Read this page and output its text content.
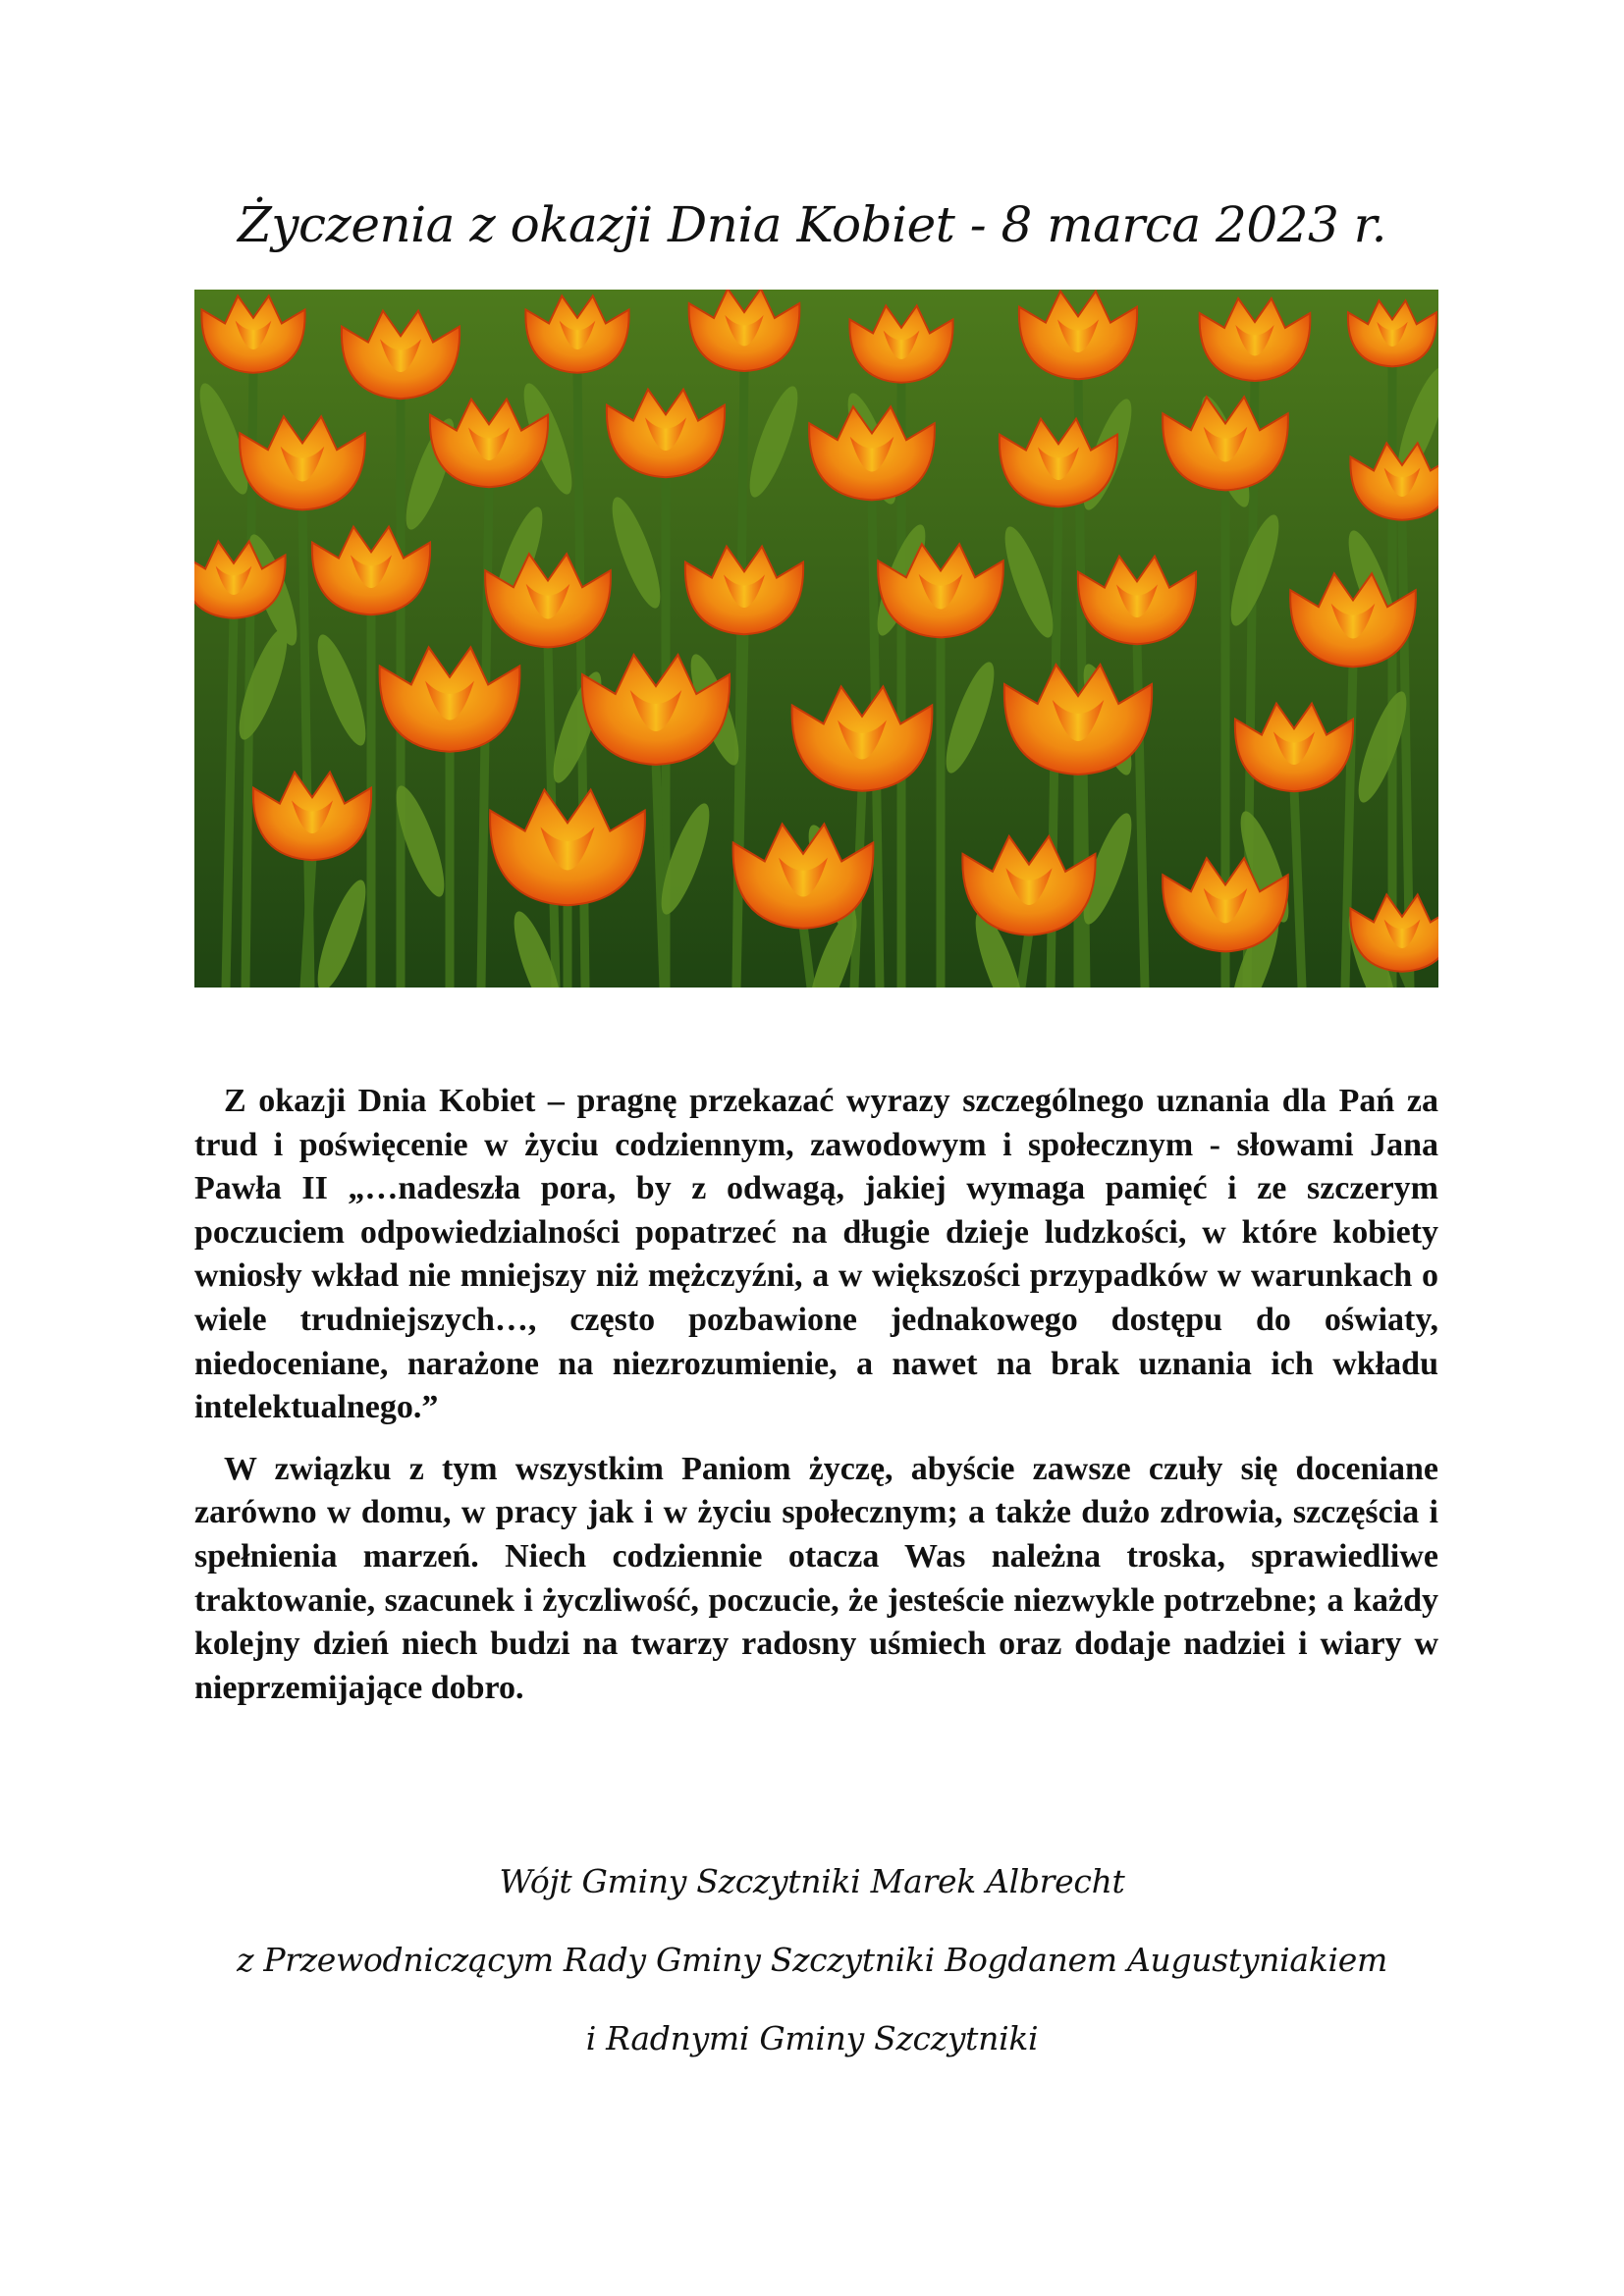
Życzenia z okazji Dnia Kobiet - 8 marca 2023 r.

Z okazji Dnia Kobiet – pragnę przekazać wyrazy szczególnego uznania dla Pań za trud i poświęcenie w życiu codziennym, zawodowym i społecznym - słowami Jana Pawła II „…nadeszła pora, by z odwagą, jakiej wymaga pamięć i ze szczerym poczuciem odpowiedzialności popatrzeć na długie dzieje ludzkości, w które kobiety wniosły wkład nie mniejszy niż mężczyźni, a w większości przypadków w warunkach o wiele trudniejszych…, często pozbawione jednakowego dostępu do oświaty, niedoceniane, narażone na niezrozumienie, a nawet na brak uznania ich wkładu intelektualnego.”

W związku z tym wszystkim Paniom życzę, abyście zawsze czuły się doceniane zarówno w domu, w pracy jak i w życiu społecznym; a także dużo zdrowia, szczęścia i spełnienia marzeń. Niech codziennie otacza Was należna troska, sprawiedliwe traktowanie, szacunek i życzliwość, poczucie, że jesteście niezwykle potrzebne; a każdy kolejny dzień niech budzi na twarzy radosny uśmiech oraz dodaje nadziei i wiary w nieprzemijające dobro.

Wójt Gminy Szczytniki Marek Albrecht
z Przewodniczącym Rady Gminy Szczytniki Bogdanem Augustyniakiem
i Radnymi Gminy Szczytniki
